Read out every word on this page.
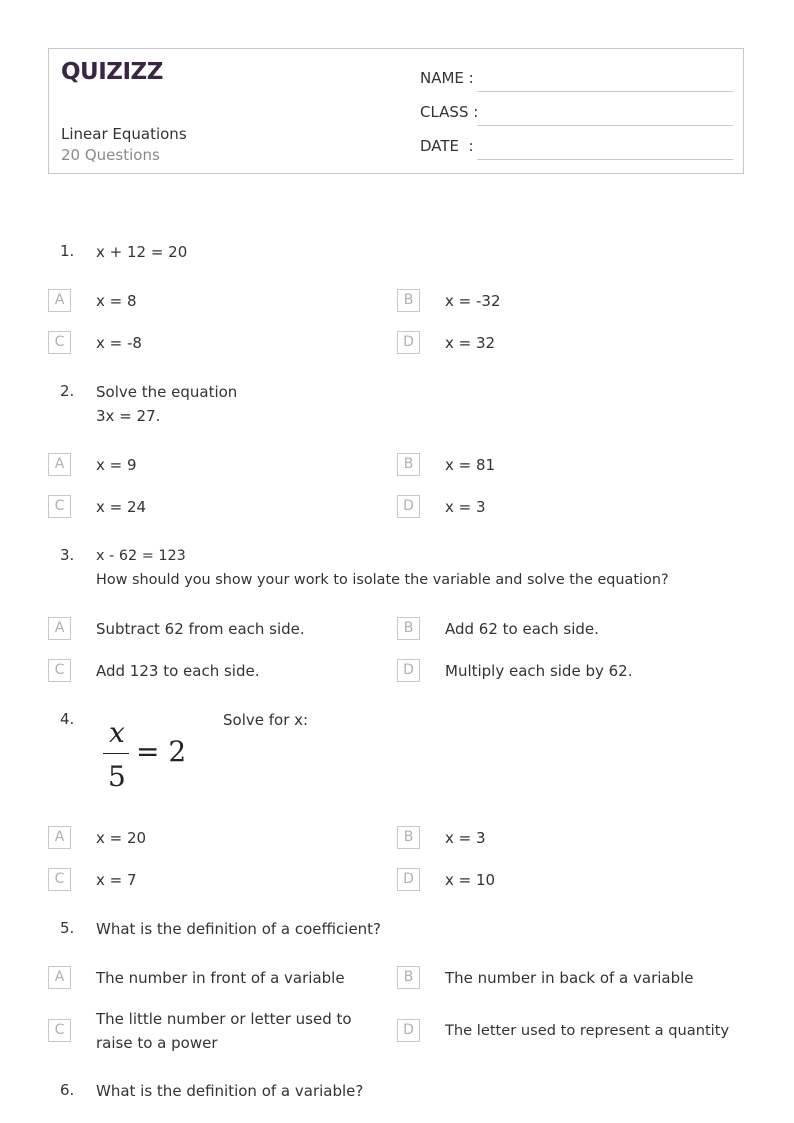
QUIZIZZ
Linear Equations
20 Questions
NAME :
CLASS :
DATE  :
1. x + 12 = 20
A	x = 8	B	x = -32
C	x = -8	D	x = 32
2. Solve the equation
3x = 27.
A	x = 9	B	x = 81
C	x = 24	D	x = 3
3. x - 62 = 123
How should you show your work to isolate the variable and solve the equation?
A	Subtract 62 from each side.	B	Add 62 to each side.
C	Add 123 to each side.	D	Multiply each side by 62.
4. x
5
= 2
Solve for x:
A	x = 20	B	x = 3
C	x = 7	D	x = 10
5. What is the definition of a coefficient?
A	The number in front of a variable	B	The number in back of a variable
C
The little number or letter used to raise to a power
D	The letter used to represent a quantity
6. What is the definition of a variable?
